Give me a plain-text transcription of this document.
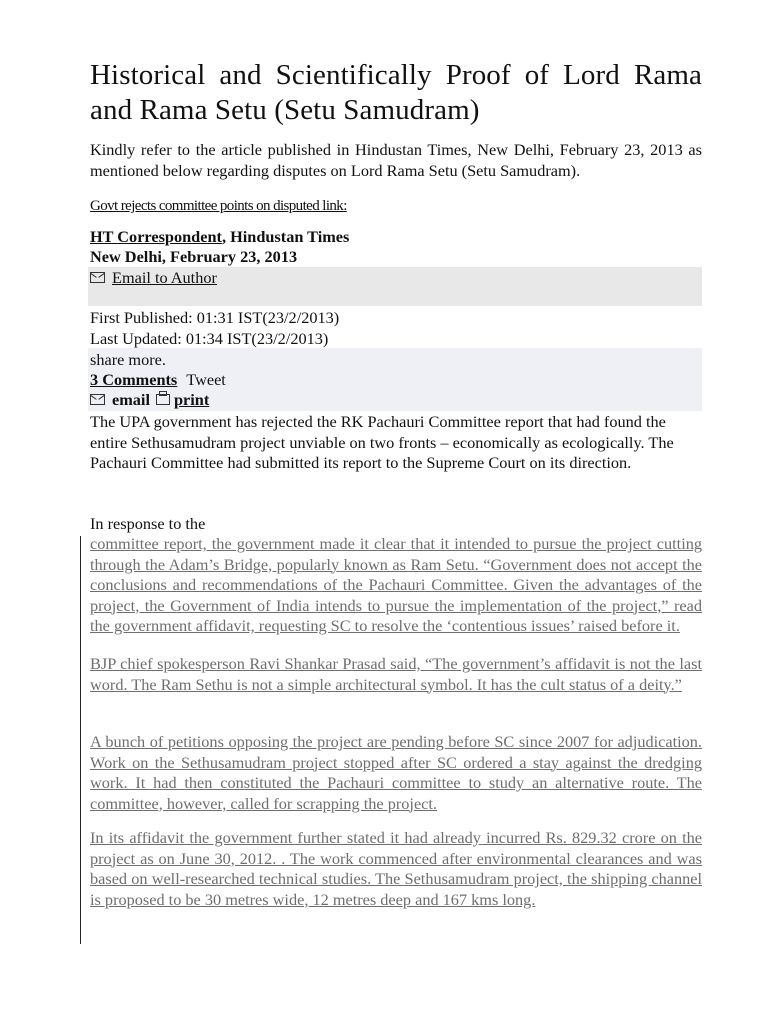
Historical and Scientifically Proof of Lord Rama and Rama Setu (Setu Samudram)

Kindly refer to the article published in Hindustan Times, New Delhi, February 23, 2013 as mentioned below regarding disputes on Lord Rama Setu (Setu Samudram).

Govt rejects committee points on disputed link:

HT Correspondent, Hindustan Times
New Delhi, February 23, 2013
Email to Author
First Published: 01:31 IST(23/2/2013)
Last Updated: 01:34 IST(23/2/2013)
share more.
3 Comments Tweet
email print

The UPA government has rejected the RK Pachauri Committee report that had found the entire Sethusamudram project unviable on two fronts – economically as ecologically. The Pachauri Committee had submitted its report to the Supreme Court on its direction.

In response to the

committee report, the government made it clear that it intended to pursue the project cutting through the Adam’s Bridge, popularly known as Ram Setu. “Government does not accept the conclusions and recommendations of the Pachauri Committee. Given the advantages of the project, the Government of India intends to pursue the implementation of the project,” read the government affidavit, requesting SC to resolve the ‘contentious issues’ raised before it.

BJP chief spokesperson Ravi Shankar Prasad said, “The government’s affidavit is not the last word. The Ram Sethu is not a simple architectural symbol. It has the cult status of a deity.”

A bunch of petitions opposing the project are pending before SC since 2007 for adjudication. Work on the Sethusamudram project stopped after SC ordered a stay against the dredging work. It had then constituted the Pachauri committee to study an alternative route. The committee, however, called for scrapping the project.

In its affidavit the government further stated it had already incurred Rs. 829.32 crore on the project as on June 30, 2012. . The work commenced after environmental clearances and was based on well-researched technical studies. The Sethusamudram project, the shipping channel is proposed to be 30 metres wide, 12 metres deep and 167 kms long.
